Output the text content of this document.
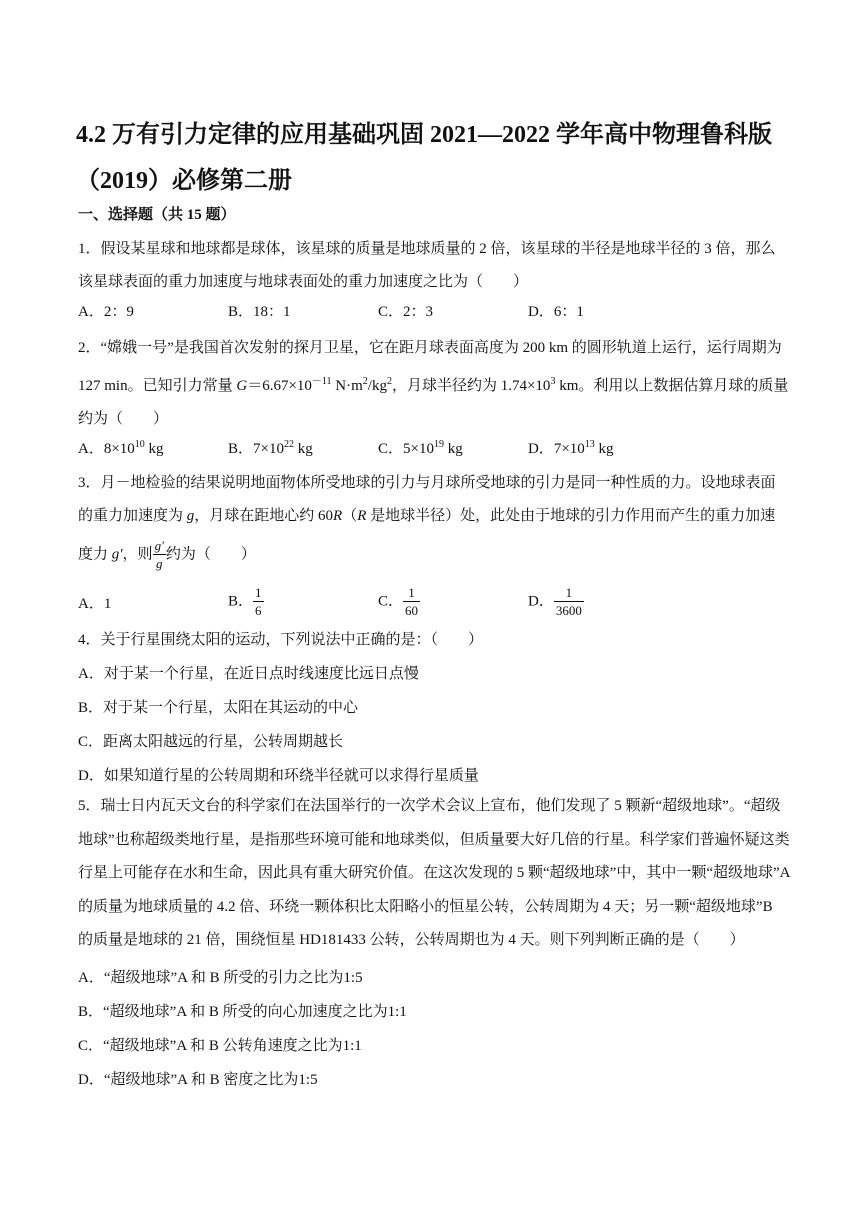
4.2 万有引力定律的应用基础巩固 2021—2022 学年高中物理鲁科版（2019）必修第二册
一、选择题（共 15 题）
1．假设某星球和地球都是球体，该星球的质量是地球质量的 2 倍，该星球的半径是地球半径的 3 倍，那么该星球表面的重力加速度与地球表面处的重力加速度之比为（　　）
A．2：9	B．18：1	C．2：3	D．6：1
2．“嫦娥一号”是我国首次发射的探月卫星，它在距月球表面高度为 200 km 的圆形轨道上运行，运行周期为 127 min。已知引力常量 $G=6.67\times 10^{-11}$ $N\cdot m^2/kg^2$，月球半径约为 $1.74\times 10^3$ km。利用以上数据估算月球的质量约为（　　）
A．$8\times 10^{10}$ kg	B．$7\times 10^{22}$ kg	C．$5\times 10^{19}$ kg	D．$7\times 10^{13}$ kg
3．月－地检验的结果说明地面物体所受地球的引力与月球所受地球的引力是同一种性质的力。设地球表面
的重力加速度为 g，月球在距地心约 60R（R 是地球半径）处，此处由于地球的引力作用而产生的重力加速
度力 g′，则 $\frac{g'}{g}$ 约为（　　）
A．1	B． $\frac{1}{6}$	C． $\frac{1}{60}$	D． $\frac{1}{3600}$
4．关于行星围绕太阳的运动，下列说法中正确的是：（　　）
A．对于某一个行星，在近日点时线速度比远日点慢
B．对于某一个行星，太阳在其运动的中心
C．距离太阳越远的行星，公转周期越长
D．如果知道行星的公转周期和环绕半径就可以求得行星质量
5．瑞士日内瓦天文台的科学家们在法国举行的一次学术会议上宣布，他们发现了 5 颗新“超级地球”。“超级地球”也称超级类地行星，是指那些环境可能和地球类似，但质量要大好几倍的行星。科学家们普遍怀疑这类行星上可能存在水和生命，因此具有重大研究价值。在这次发现的 5 颗“超级地球”中，其中一颗“超级地球”A 的质量为地球质量的 4.2 倍、环绕一颗体积比太阳略小的恒星公转，公转周期为 4 天；另一颗“超级地球”B 的质量是地球的 21 倍，围绕恒星 HD181433 公转，公转周期也为 4 天。则下列判断正确的是（　　）
A．“超级地球”A 和 B 所受的引力之比为1:5
B．“超级地球”A 和 B 所受的向心加速度之比为1:1
C．“超级地球”A 和 B 公转角速度之比为1:1
D．“超级地球”A 和 B 密度之比为1:5
